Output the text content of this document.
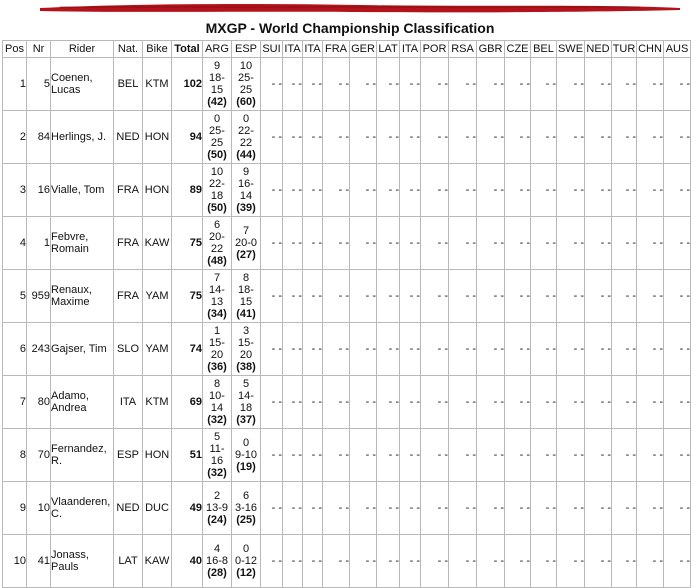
MXGP - World Championship Classification
Pos	Nr	Rider	Nat.	Bike	Total	ARG	ESP	SUI	ITA	ITA	FRA	GER	LAT	ITA	POR	RSA	GBR	CZE	BEL	SWE	NED	TUR	CHN	AUS
1	5	Coenen, Lucas	BEL	KTM	102	9
18-
15
(42)	10
25-
25
(60)	- -	- -	- -	- -	- -	- -	- -	- -	- -	- -	- -	- -	- -	- -	- -	- -	- -
2	84	Herlings, J.	NED	HON	94	0
25-
25
(50)	0
22-
22
(44)	- -	- -	- -	- -	- -	- -	- -	- -	- -	- -	- -	- -	- -	- -	- -	- -	- -
3	16	Vialle, Tom	FRA	HON	89	10
22-
18
(50)	9
16-
14
(39)	- -	- -	- -	- -	- -	- -	- -	- -	- -	- -	- -	- -	- -	- -	- -	- -	- -
4	1	Febvre, Romain	FRA	KAW	75	6
20-
22
(48)	7
20-0
(27)	- -	- -	- -	- -	- -	- -	- -	- -	- -	- -	- -	- -	- -	- -	- -	- -	- -
5	959	Renaux, Maxime	FRA	YAM	75	7
14-
13
(34)	8
18-
15
(41)	- -	- -	- -	- -	- -	- -	- -	- -	- -	- -	- -	- -	- -	- -	- -	- -	- -
6	243	Gajser, Tim	SLO	YAM	74	1
15-
20
(36)	3
15-
20
(38)	- -	- -	- -	- -	- -	- -	- -	- -	- -	- -	- -	- -	- -	- -	- -	- -	- -
7	80	Adamo, Andrea	ITA	KTM	69	8
10-
14
(32)	5
14-
18
(37)	- -	- -	- -	- -	- -	- -	- -	- -	- -	- -	- -	- -	- -	- -	- -	- -	- -
8	70	Fernandez, R.	ESP	HON	51	5
11-
16
(32)	0
9-10
(19)	- -	- -	- -	- -	- -	- -	- -	- -	- -	- -	- -	- -	- -	- -	- -	- -	- -
9	10	Vlaanderen, C.	NED	DUC	49	2
13-9
(24)	6
3-16
(25)	- -	- -	- -	- -	- -	- -	- -	- -	- -	- -	- -	- -	- -	- -	- -	- -	- -
10	41	Jonass, Pauls	LAT	KAW	40	4
16-8
(28)	0
0-12
(12)	- -	- -	- -	- -	- -	- -	- -	- -	- -	- -	- -	- -	- -	- -	- -	- -	- -
